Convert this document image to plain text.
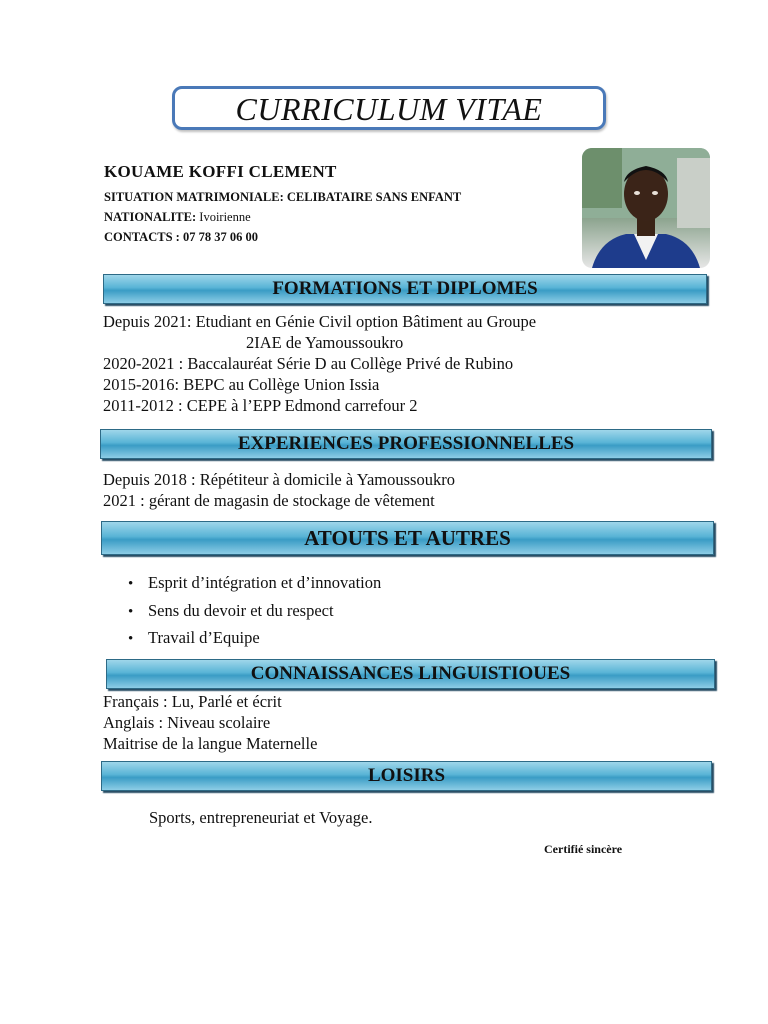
CURRICULUM VITAE
KOUAME KOFFI CLEMENT
SITUATION MATRIMONIALE: CELIBATAIRE SANS ENFANT
NATIONALITE: Ivoirienne
CONTACTS : 07 78 37 06 00
FORMATIONS ET DIPLOMES
Depuis 2021: Etudiant en Génie Civil option Bâtiment au Groupe
2IAE de Yamoussoukro
2020-2021 : Baccalauréat Série D au Collège Privé de Rubino
2015-2016: BEPC au Collège Union Issia
2011-2012 : CEPE à l’EPP Edmond carrefour 2
EXPERIENCES PROFESSIONNELLES
Depuis 2018 : Répétiteur à domicile à Yamoussoukro
2021 : gérant de magasin de stockage de vêtement
ATOUTS ET AUTRES
• Esprit d’intégration et d’innovation
• Sens du devoir et du respect
• Travail d’Equipe
CONNAISSANCES LINGUISTIOUES
Français : Lu, Parlé et écrit
Anglais : Niveau scolaire
Maitrise de la langue Maternelle
LOISIRS
Sports, entrepreneuriat et Voyage.
Certifié sincère
